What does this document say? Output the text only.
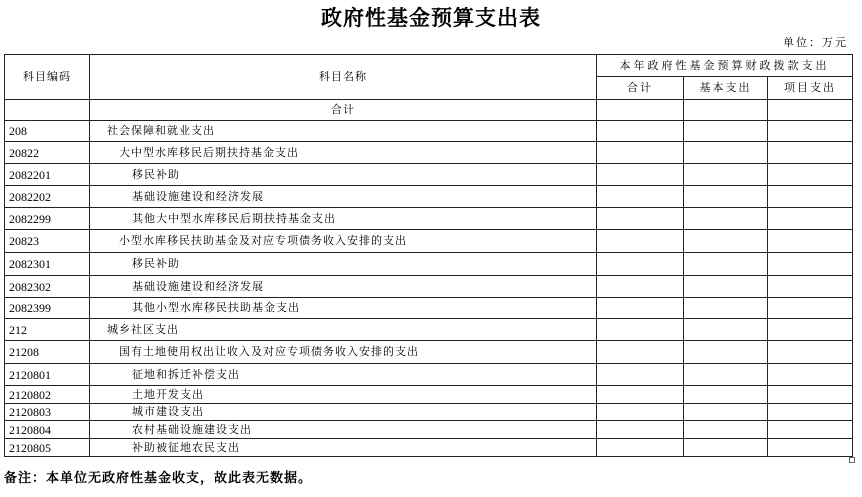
政府性基金预算支出表
单位：万元
科目编码	科目名称	本年政府性基金预算财政拨款支出		
		合计	基本支出	项目支出
	合计			
208	社会保障和就业支出			
20822	大中型水库移民后期扶持基金支出			
2082201	移民补助			
2082202	基础设施建设和经济发展			
2082299	其他大中型水库移民后期扶持基金支出			
20823	小型水库移民扶助基金及对应专项债务收入安排的支出			
2082301	移民补助			
2082302	基础设施建设和经济发展			
2082399	其他小型水库移民扶助基金支出			
212	城乡社区支出			
21208	国有土地使用权出让收入及对应专项债务收入安排的支出			
2120801	征地和拆迁补偿支出			
2120802	土地开发支出			
2120803	城市建设支出			
2120804	农村基础设施建设支出			
2120805	补助被征地农民支出			
备注：本单位无政府性基金收支，故此表无数据。
